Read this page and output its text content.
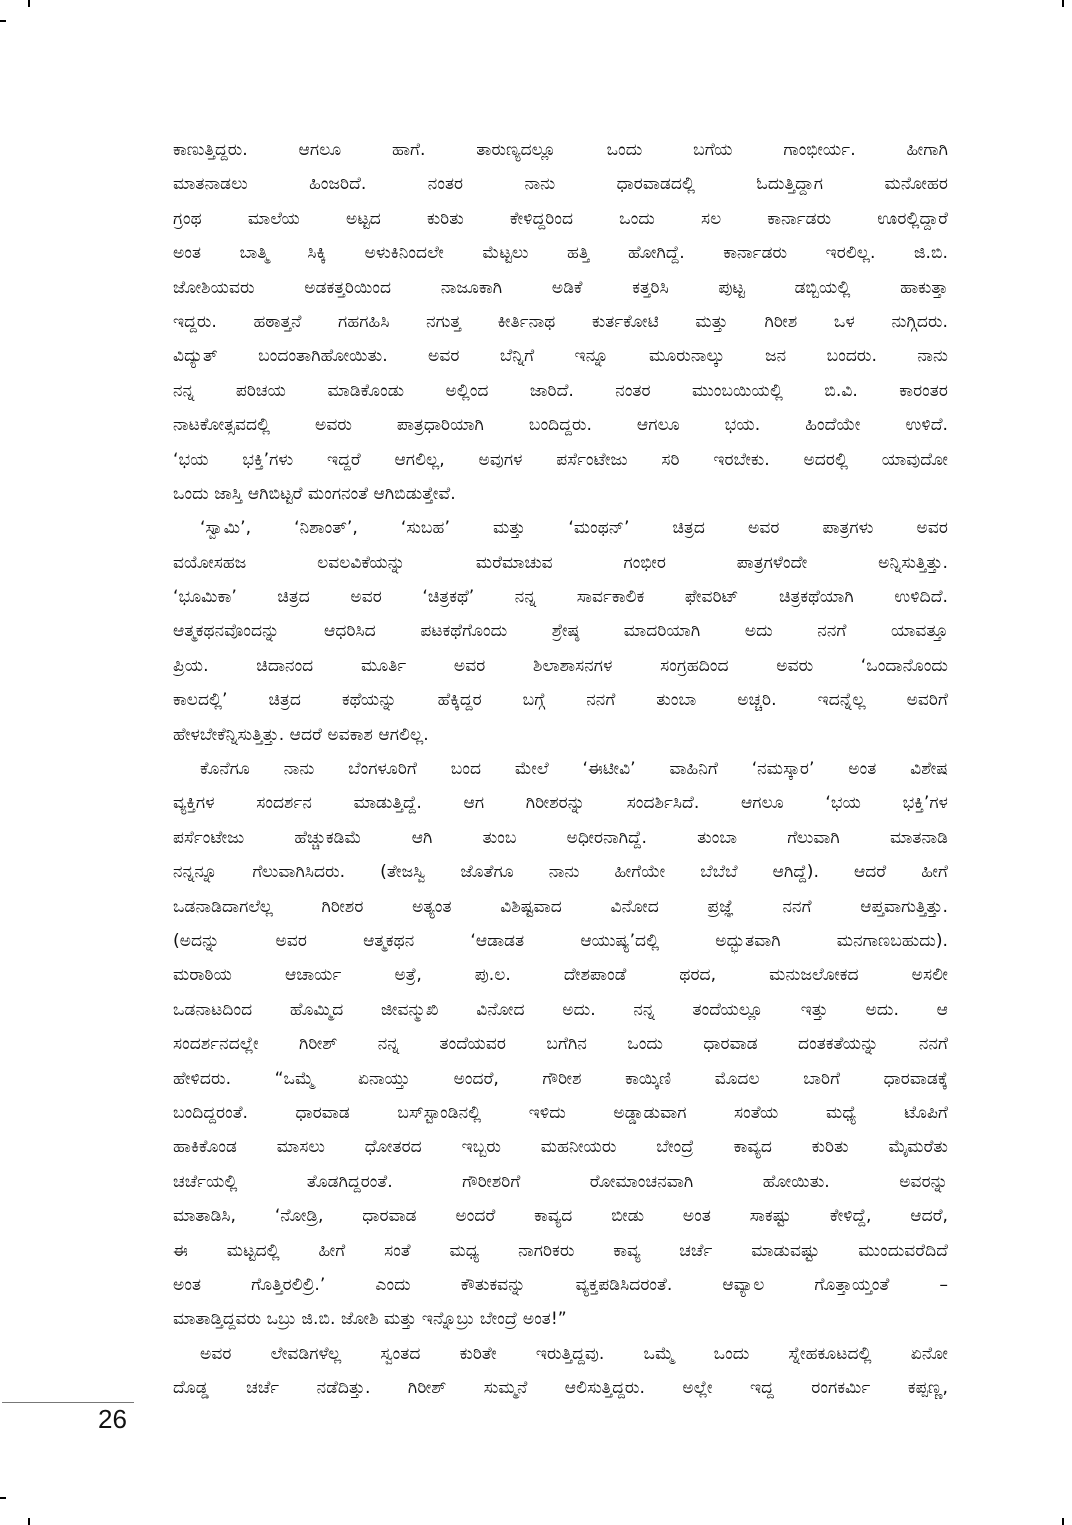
ಕಾಣುತ್ತಿದ್ದರು. ಆಗಲೂ ಹಾಗೆ. ತಾರುಣ್ಯದಲ್ಲೂ ಒಂದು ಬಗೆಯ ಗಾಂಭೀರ್ಯ. ಹೀಗಾಗಿ
ಮಾತನಾಡಲು ಹಿಂಜರಿದೆ. ನಂತರ ನಾನು ಧಾರವಾಡದಲ್ಲಿ ಓದುತ್ತಿದ್ದಾಗ ಮನೋಹರ
ಗ್ರಂಥ ಮಾಲೆಯ ಅಟ್ಟದ ಕುರಿತು ಕೇಳಿದ್ದರಿಂದ ಒಂದು ಸಲ ಕಾರ್ನಾಡರು ಊರಲ್ಲಿದ್ದಾರೆ
ಅಂತ ಬಾತ್ಮಿ ಸಿಕ್ಕಿ ಅಳುಕಿನಿಂದಲೇ ಮೆಟ್ಟಲು ಹತ್ತಿ ಹೋಗಿದ್ದೆ. ಕಾರ್ನಾಡರು ಇರಲಿಲ್ಲ. ಜಿ.ಬಿ.
ಜೋಶಿಯವರು ಅಡಕತ್ತರಿಯಿಂದ ನಾಜೂಕಾಗಿ ಅಡಿಕೆ ಕತ್ತರಿಸಿ ಪುಟ್ಟ ಡಬ್ಬಿಯಲ್ಲಿ ಹಾಕುತ್ತಾ
ಇದ್ದರು. ಹಠಾತ್ತನೆ ಗಹಗಹಿಸಿ ನಗುತ್ತ ಕೀರ್ತಿನಾಥ ಕುರ್ತಕೋಟಿ ಮತ್ತು ಗಿರೀಶ ಒಳ ನುಗ್ಗಿದರು.
ವಿದ್ಯುತ್ ಬಂದಂತಾಗಿಹೋಯಿತು. ಅವರ ಬೆನ್ನಿಗೆ ಇನ್ನೂ ಮೂರುನಾಲ್ಕು ಜನ ಬಂದರು. ನಾನು
ನನ್ನ ಪರಿಚಯ ಮಾಡಿಕೊಂಡು ಅಲ್ಲಿಂದ ಜಾರಿದೆ. ನಂತರ ಮುಂಬಯಿಯಲ್ಲಿ ಬಿ.ವಿ. ಕಾರಂತರ
ನಾಟಕೋತ್ಸವದಲ್ಲಿ ಅವರು ಪಾತ್ರಧಾರಿಯಾಗಿ ಬಂದಿದ್ದರು. ಆಗಲೂ ಭಯ. ಹಿಂದೆಯೇ ಉಳಿದೆ.
‘ಭಯ ಭಕ್ತಿ’ಗಳು ಇದ್ದರೆ ಆಗಲಿಲ್ಲ, ಅವುಗಳ ಪರ್ಸೆಂಟೇಜು ಸರಿ ಇರಬೇಕು. ಅದರಲ್ಲಿ ಯಾವುದೋ
ಒಂದು ಜಾಸ್ತಿ ಆಗಿಬಿಟ್ಟರೆ ಮಂಗನಂತೆ ಆಗಿಬಿಡುತ್ತೇವೆ.
‘ಸ್ವಾಮಿ’, ‘ನಿಶಾಂತ್’, ‘ಸುಬಹ’ ಮತ್ತು ‘ಮಂಥನ್’ ಚಿತ್ರದ ಅವರ ಪಾತ್ರಗಳು ಅವರ
ವಯೋಸಹಜ ಲವಲವಿಕೆಯನ್ನು ಮರೆಮಾಚುವ ಗಂಭೀರ ಪಾತ್ರಗಳೆಂದೇ ಅನ್ನಿಸುತ್ತಿತ್ತು.
‘ಭೂಮಿಕಾ’ ಚಿತ್ರದ ಅವರ ‘ಚಿತ್ರಕಥೆ’ ನನ್ನ ಸಾರ್ವಕಾಲಿಕ ಫೇವರಿಟ್ ಚಿತ್ರಕಥೆಯಾಗಿ ಉಳಿದಿದೆ.
ಆತ್ಮಕಥನವೊಂದನ್ನು ಆಧರಿಸಿದ ಪಟಕಥೆಗೊಂದು ಶ್ರೇಷ್ಠ ಮಾದರಿಯಾಗಿ ಅದು ನನಗೆ ಯಾವತ್ತೂ
ಪ್ರಿಯ. ಚಿದಾನಂದ ಮೂರ್ತಿ ಅವರ ಶಿಲಾಶಾಸನಗಳ ಸಂಗ್ರಹದಿಂದ ಅವರು ‘ಒಂದಾನೊಂದು
ಕಾಲದಲ್ಲಿ’ ಚಿತ್ರದ ಕಥೆಯನ್ನು ಹೆಕ್ಕಿದ್ದರ ಬಗ್ಗೆ ನನಗೆ ತುಂಬಾ ಅಚ್ಚರಿ. ಇದನ್ನೆಲ್ಲ ಅವರಿಗೆ
ಹೇಳಬೇಕೆನ್ನಿಸುತ್ತಿತ್ತು. ಆದರೆ ಅವಕಾಶ ಆಗಲಿಲ್ಲ.
ಕೊನೆಗೂ ನಾನು ಬೆಂಗಳೂರಿಗೆ ಬಂದ ಮೇಲೆ ‘ಈಟೀವಿ’ ವಾಹಿನಿಗೆ ‘ನಮಸ್ಕಾರ’ ಅಂತ ವಿಶೇಷ
ವ್ಯಕ್ತಿಗಳ ಸಂದರ್ಶನ ಮಾಡುತ್ತಿದ್ದೆ. ಆಗ ಗಿರೀಶರನ್ನು ಸಂದರ್ಶಿಸಿದೆ. ಆಗಲೂ ‘ಭಯ ಭಕ್ತಿ’ಗಳ
ಪರ್ಸೆಂಟೇಜು ಹೆಚ್ಚುಕಡಿಮೆ ಆಗಿ ತುಂಬ ಅಧೀರನಾಗಿದ್ದೆ. ತುಂಬಾ ಗೆಲುವಾಗಿ ಮಾತನಾಡಿ
ನನ್ನನ್ನೂ ಗೆಲುವಾಗಿಸಿದರು. (ತೇಜಸ್ವಿ ಜೊತೆಗೂ ನಾನು ಹೀಗೆಯೇ ಬೆಬೆಬೆ ಆಗಿದ್ದೆ). ಆದರೆ ಹೀಗೆ
ಒಡನಾಡಿದಾಗಲೆಲ್ಲ ಗಿರೀಶರ ಅತ್ಯಂತ ವಿಶಿಷ್ಟವಾದ ವಿನೋದ ಪ್ರಜ್ಞೆ ನನಗೆ ಆಪ್ತವಾಗುತ್ತಿತ್ತು.
(ಅದನ್ನು ಅವರ ಆತ್ಮಕಥನ ‘ಆಡಾಡತ ಆಯುಷ್ಯ’ದಲ್ಲಿ ಅದ್ಭುತವಾಗಿ ಮನಗಾಣಬಹುದು).
ಮರಾಠಿಯ ಆಚಾರ್ಯ ಅತ್ರೆ, ಪು.ಲ. ದೇಶಪಾಂಡೆ ಥರದ, ಮನುಜಲೋಕದ ಅಸಲೀ
ಒಡನಾಟದಿಂದ ಹೊಮ್ಮಿದ ಜೀವನ್ಮುಖಿ ವಿನೋದ ಅದು. ನನ್ನ ತಂದೆಯಲ್ಲೂ ಇತ್ತು ಅದು. ಆ
ಸಂದರ್ಶನದಲ್ಲೇ ಗಿರೀಶ್ ನನ್ನ ತಂದೆಯವರ ಬಗೆಗಿನ ಒಂದು ಧಾರವಾಡ ದಂತಕತೆಯನ್ನು ನನಗೆ
ಹೇಳಿದರು. “ಒಮ್ಮೆ ಏನಾಯ್ತು ಅಂದರೆ, ಗೌರೀಶ ಕಾಯ್ಕಿಣಿ ಮೊದಲ ಬಾರಿಗೆ ಧಾರವಾಡಕ್ಕೆ
ಬಂದಿದ್ದರಂತೆ. ಧಾರವಾಡ ಬಸ್‌ಸ್ಟಾಂಡಿನಲ್ಲಿ ಇಳಿದು ಅಡ್ಡಾಡುವಾಗ ಸಂತೆಯ ಮಧ್ಯೆ ಟೊಪಿಗೆ
ಹಾಕಿಕೊಂಡ ಮಾಸಲು ಧೋತರದ ಇಬ್ಬರು ಮಹನೀಯರು ಬೇಂದ್ರೆ ಕಾವ್ಯದ ಕುರಿತು ಮೈಮರೆತು
ಚರ್ಚೆಯಲ್ಲಿ ತೊಡಗಿದ್ದರಂತೆ. ಗೌರೀಶರಿಗೆ ರೋಮಾಂಚನವಾಗಿ ಹೋಯಿತು. ಅವರನ್ನು
ಮಾತಾಡಿಸಿ, ‘ನೋಡ್ರಿ, ಧಾರವಾಡ ಅಂದರೆ ಕಾವ್ಯದ ಬೀಡು ಅಂತ ಸಾಕಷ್ಟು ಕೇಳಿದ್ದೆ, ಆದರೆ,
ಈ ಮಟ್ಟದಲ್ಲಿ ಹೀಗೆ ಸಂತೆ ಮಧ್ಯ ನಾಗರಿಕರು ಕಾವ್ಯ ಚರ್ಚೆ ಮಾಡುವಷ್ಟು ಮುಂದುವರೆದಿದೆ
ಅಂತ ಗೊತ್ತಿರಲಿಲ್ರಿ.’ ಎಂದು ಕೌತುಕವನ್ನು ವ್ಯಕ್ತಪಡಿಸಿದರಂತೆ. ಆವ್ಯಾಲ ಗೊತ್ತಾಯ್ತಂತೆ –
ಮಾತಾಡ್ತಿದ್ದವರು ಒಬ್ರು ಜಿ.ಬಿ. ಜೋಶಿ ಮತ್ತು ಇನ್ನೊಬ್ರು ಬೇಂದ್ರೆ ಅಂತ!”
ಅವರ ಲೇವಡಿಗಳೆಲ್ಲ ಸ್ವಂತದ ಕುರಿತೇ ಇರುತ್ತಿದ್ದವು. ಒಮ್ಮೆ ಒಂದು ಸ್ನೇಹಕೂಟದಲ್ಲಿ ಏನೋ
ದೊಡ್ಡ ಚರ್ಚೆ ನಡೆದಿತ್ತು. ಗಿರೀಶ್ ಸುಮ್ಮನೆ ಆಲಿಸುತ್ತಿದ್ದರು. ಅಲ್ಲೇ ಇದ್ದ ರಂಗಕರ್ಮಿ ಕಪ್ಪಣ್ಣ,
26
